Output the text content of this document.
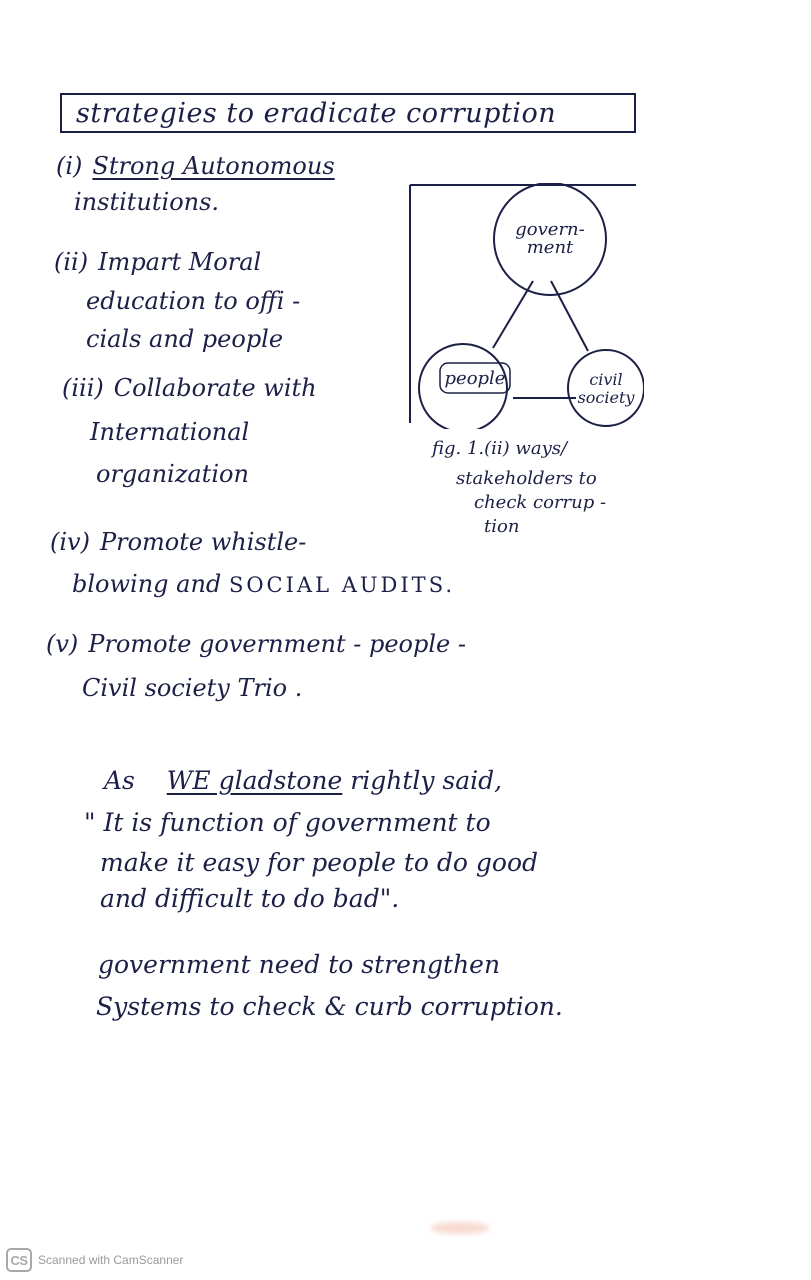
strategies to eradicate corruption
(i) Strong Autonomous
institutions.
(ii) Impart Moral
education to offi -
cials and people
(iii) Collaborate with
International
organization
govern- ment
people	civil society
fig. 1.(ii) ways/
stakeholders to
check corrup -
tion
(iv) Promote whistle-
blowing and SOCIAL AUDITS.
(v) Promote government - people -
Civil society Trio .
As WE gladstone rightly said,
" It is function of government to
make it easy for people to do good
and difficult to do bad".
government need to strengthen
Systems to check & curb corruption.
CS Scanned with CamScanner
